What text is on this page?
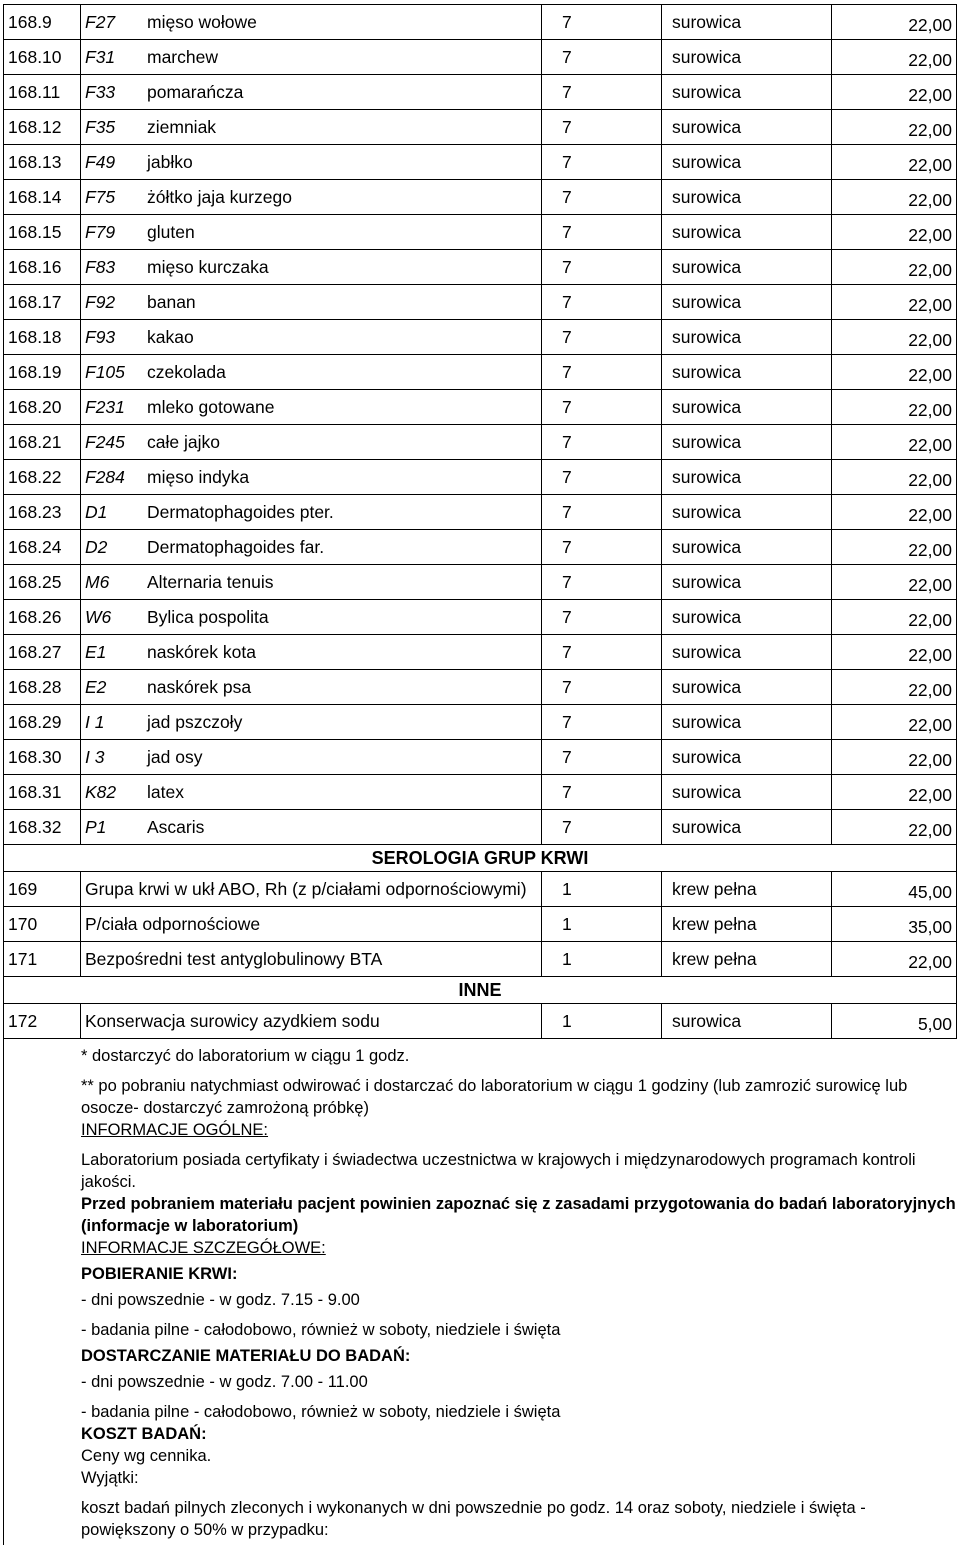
168.9	F27	mięso wołowe	7	surowica	22,00
168.10	F31	marchew	7	surowica	22,00
168.11	F33	pomarańcza	7	surowica	22,00
168.12	F35	ziemniak	7	surowica	22,00
168.13	F49	jabłko	7	surowica	22,00
168.14	F75	żółtko jaja kurzego	7	surowica	22,00
168.15	F79	gluten	7	surowica	22,00
168.16	F83	mięso kurczaka	7	surowica	22,00
168.17	F92	banan	7	surowica	22,00
168.18	F93	kakao	7	surowica	22,00
168.19	F105	czekolada	7	surowica	22,00
168.20	F231	mleko gotowane	7	surowica	22,00
168.21	F245	całe jajko	7	surowica	22,00
168.22	F284	mięso indyka	7	surowica	22,00
168.23	D1	Dermatophagoides pter.	7	surowica	22,00
168.24	D2	Dermatophagoides far.	7	surowica	22,00
168.25	M6	Alternaria tenuis	7	surowica	22,00
168.26	W6	Bylica pospolita	7	surowica	22,00
168.27	E1	naskórek kota	7	surowica	22,00
168.28	E2	naskórek psa	7	surowica	22,00
168.29	I 1	jad pszczoły	7	surowica	22,00
168.30	I 3	jad osy	7	surowica	22,00
168.31	K82	latex	7	surowica	22,00
168.32	P1	Ascaris	7	surowica	22,00
SEROLOGIA GRUP KRWI					
169	Grupa krwi w ukł ABO, Rh (z p/ciałami odpornościowymi)		1	krew pełna	45,00
170	P/ciała odpornościowe		1	krew pełna	35,00
171	Bezpośredni test antyglobulinowy BTA		1	krew pełna	22,00
INNE					
172	Konserwacja surowicy azydkiem sodu		1	surowica	5,00

* dostarczyć do laboratorium w ciągu 1 godz.

** po pobraniu natychmiast odwirować i dostarczać do laboratorium w ciągu 1 godziny (lub zamrozić surowicę lub osocze- dostarczyć zamrożoną próbkę)

INFORMACJE OGÓLNE:

Laboratorium posiada certyfikaty i świadectwa uczestnictwa w krajowych i międzynarodowych programach kontroli jakości.

Przed pobraniem materiału pacjent powinien zapoznać się z zasadami przygotowania do badań laboratoryjnych (informacje w laboratorium)

INFORMACJE SZCZEGÓŁOWE:

POBIERANIE KRWI:

- dni powszednie - w godz. 7.15 - 9.00

- badania pilne - całodobowo, również w soboty, niedziele i święta

DOSTARCZANIE MATERIAŁU DO BADAŃ:

- dni powszednie - w godz. 7.00 - 11.00

- badania pilne - całodobowo, również w soboty, niedziele i święta

KOSZT BADAŃ:

Ceny wg cennika.

Wyjątki:

koszt badań pilnych zleconych i wykonanych w dni powszednie po godz. 14 oraz soboty, niedziele i święta - powiększony o 50% w przypadku:
